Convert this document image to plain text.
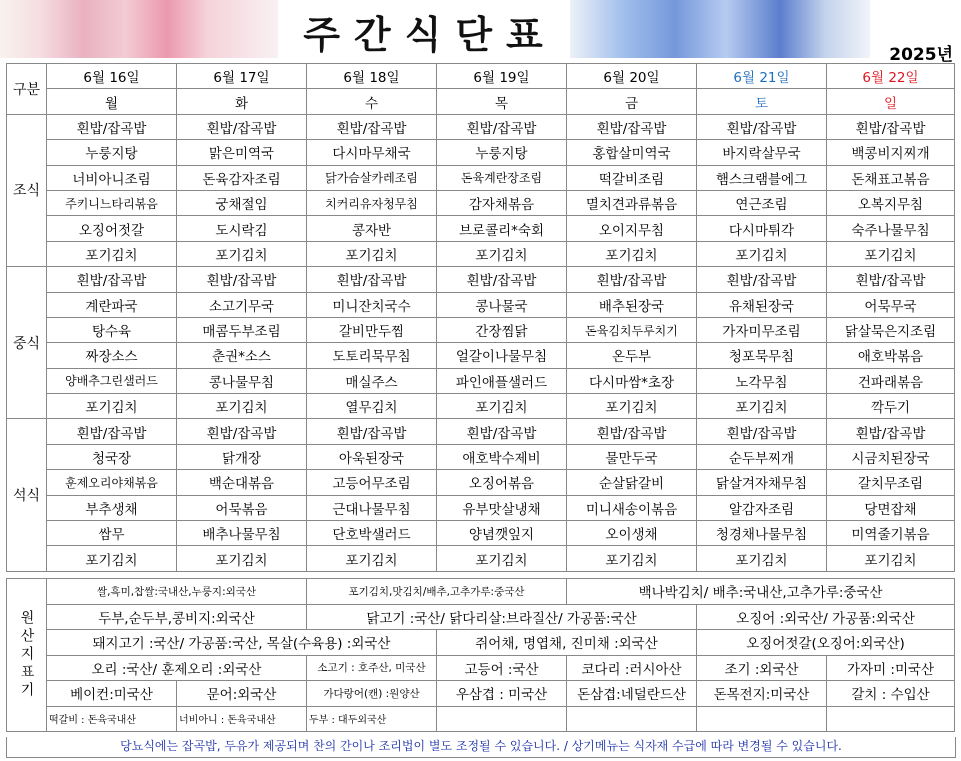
주간식단표	2025년
구분	6월 16일	6월 17일	6월 18일	6월 19일	6월 20일	6월 21일	6월 22일
	월	화	수	목	금	토	일
조식	흰밥/잡곡밥	흰밥/잡곡밥	흰밥/잡곡밥	흰밥/잡곡밥	흰밥/잡곡밥	흰밥/잡곡밥	흰밥/잡곡밥
	누룽지탕	맑은미역국	다시마무채국	누룽지탕	홍합살미역국	바지락살무국	백콩비지찌개
	너비아니조림	돈육감자조림	닭가슴살카레조림	돈육계란장조림	떡갈비조림	햄스크램블에그	돈채표고볶음
	주키니느타리볶음	궁채절임	치커리유자청무침	감자채볶음	멸치견과류볶음	연근조림	오복지무침
	오징어젓갈	도시락김	콩자반	브로콜리*숙회	오이지무침	다시마튀각	숙주나물무침
	포기김치	포기김치	포기김치	포기김치	포기김치	포기김치	포기김치
중식	흰밥/잡곡밥	흰밥/잡곡밥	흰밥/잡곡밥	흰밥/잡곡밥	흰밥/잡곡밥	흰밥/잡곡밥	흰밥/잡곡밥
	계란파국	소고기무국	미니잔치국수	콩나물국	배추된장국	유채된장국	어묵무국
	탕수육	매콤두부조림	갈비만두찜	간장찜닭	돈육김치두루치기	가자미무조림	닭살묵은지조림
	짜장소스	춘권*소스	도토리묵무침	얼갈이나물무침	온두부	청포묵무침	애호박볶음
	양배추그린샐러드	콩나물무침	매실주스	파인애플샐러드	다시마쌈*초장	노각무침	건파래볶음
	포기김치	포기김치	열무김치	포기김치	포기김치	포기김치	깍두기
석식	흰밥/잡곡밥	흰밥/잡곡밥	흰밥/잡곡밥	흰밥/잡곡밥	흰밥/잡곡밥	흰밥/잡곡밥	흰밥/잡곡밥
	청국장	닭개장	아욱된장국	애호박수제비	물만두국	순두부찌개	시금치된장국
	훈제오리야채볶음	백순대볶음	고등어무조림	오징어볶음	순살닭갈비	닭살겨자채무침	갈치무조림
	부추생채	어묵볶음	근대나물무침	유부맛살냉채	미니새송이볶음	알감자조림	당면잡채
	쌈무	배추나물무침	단호박샐러드	양념깻잎지	오이생채	청경채나물무침	미역줄기볶음
	포기김치	포기김치	포기김치	포기김치	포기김치	포기김치	포기김치
원산지표기	쌀,흑미,찹쌀:국내산,누룽지:외국산		포기김치,맛김치/배추,고추가루:중국산		백나박김치/ 배추:국내산,고추가루:중국산		
	두부,순두부,콩비지:외국산		닭고기 :국산/ 닭다리살:브라질산/ 가공품:국산			오징어 :외국산/ 가공품:외국산	
	돼지고기 :국산/ 가공품:국산, 목살(수육용) :외국산			쥐어채, 명엽채, 진미채 :외국산		오징어젓갈(오징어:외국산)	
	오리 :국산/ 훈제오리 :외국산		소고기 : 호주산, 미국산	고등어 :국산	코다리 :러시아산	조기 :외국산	가자미 :미국산
	베이컨:미국산	문어:외국산	가다랑어(캔) :원양산	우삼겹 : 미국산	돈삼겹:네덜란드산	돈목전지:미국산	갈치 : 수입산
	떡갈비 : 돈육국내산	너비아니 : 돈육국내산	두부 : 대두외국산				
당뇨식에는 잡곡밥, 두유가 제공되며 찬의 간이나 조리법이 별도 조정될 수 있습니다. / 상기메뉴는 식자재 수급에 따라 변경될 수 있습니다.
